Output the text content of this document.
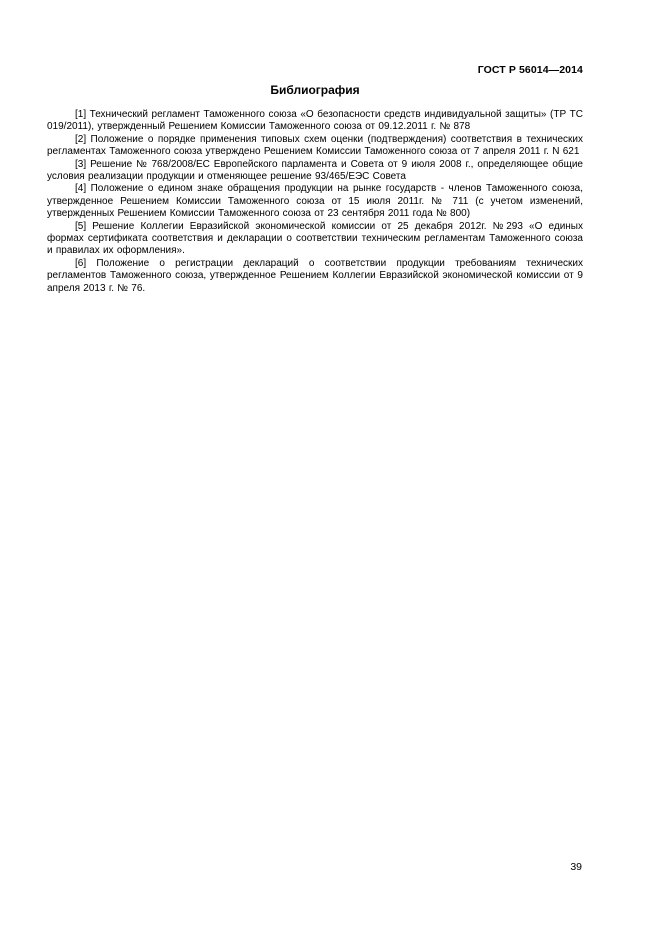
ГОСТ Р 56014—2014
Библиография
[1] Технический регламент Таможенного союза «О безопасности средств индивидуальной защиты» (ТР ТС 019/2011), утвержденный Решением Комиссии Таможенного союза от 09.12.2011 г. № 878
[2] Положение о порядке применения типовых схем оценки (подтверждения) соответствия в технических регламентах Таможенного союза утверждено Решением Комиссии Таможенного союза от 7 апреля 2011 г. N 621
[3] Решение № 768/2008/ЕС Европейского парламента и Совета от 9 июля 2008 г., определяющее общие условия реализации продукции и отменяющее решение 93/465/ЕЭС Совета
[4] Положение о едином знаке обращения продукции на рынке государств - членов Таможенного союза, утвержденное Решением Комиссии Таможенного союза от 15 июля 2011г. № 711 (с учетом изменений, утвержденных Решением Комиссии Таможенного союза от 23 сентября 2011 года № 800)
[5] Решение Коллегии Евразийской экономической комиссии от 25 декабря 2012г. №293 «О единых формах сертификата соответствия и декларации о соответствии техническим регламентам Таможенного союза и правилах их оформления».
[6] Положение о регистрации деклараций о соответствии продукции требованиям технических регламентов Таможенного союза, утвержденное Решением Коллегии Евразийской экономической комиссии от 9 апреля 2013 г. № 76.
39
